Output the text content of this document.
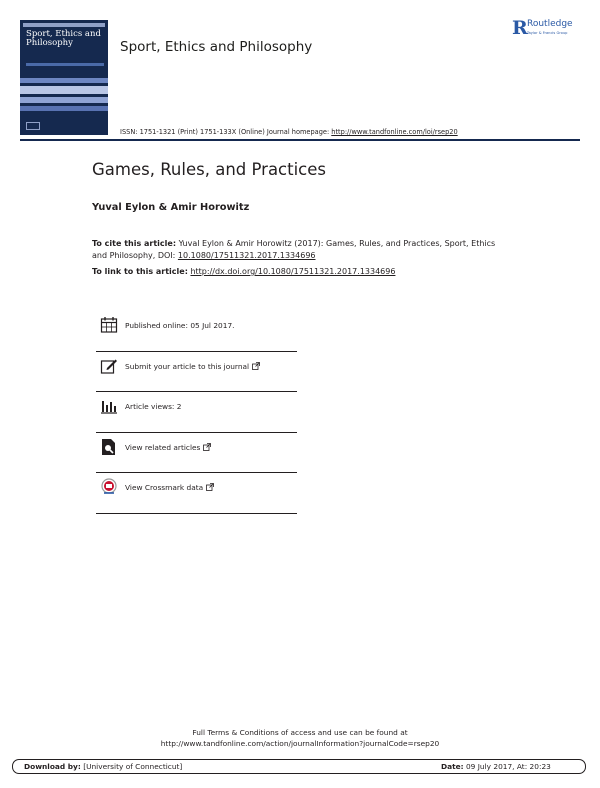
Sport, Ethics and Philosophy	Sport, Ethics and Philosophy
R Routledge
Taylor & Francis Group
ISSN: 1751-1321 (Print) 1751-133X (Online) Journal homepage: http://www.tandfonline.com/loi/rsep20
Games, Rules, and Practices
Yuval Eylon & Amir Horowitz
To cite this article: Yuval Eylon & Amir Horowitz (2017): Games, Rules, and Practices, Sport, Ethics and Philosophy, DOI: 10.1080/17511321.2017.1334696
To link to this article: http://dx.doi.org/10.1080/17511321.2017.1334696
Published online: 05 Jul 2017.
Submit your article to this journal
Article views: 2
View related articles
View Crossmark data
Full Terms & Conditions of access and use can be found at
http://www.tandfonline.com/action/journalInformation?journalCode=rsep20
Download by: [University of Connecticut]	Date: 09 July 2017, At: 20:23
